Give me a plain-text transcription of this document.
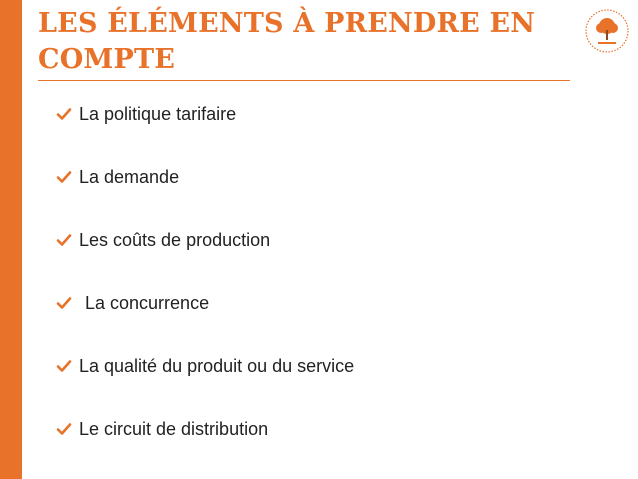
LES ÉLÉMENTS À PRENDRE EN
COMPTE
La politique tarifaire
La demande
Les coûts de production
La concurrence
La qualité du produit ou du service
Le circuit de distribution
